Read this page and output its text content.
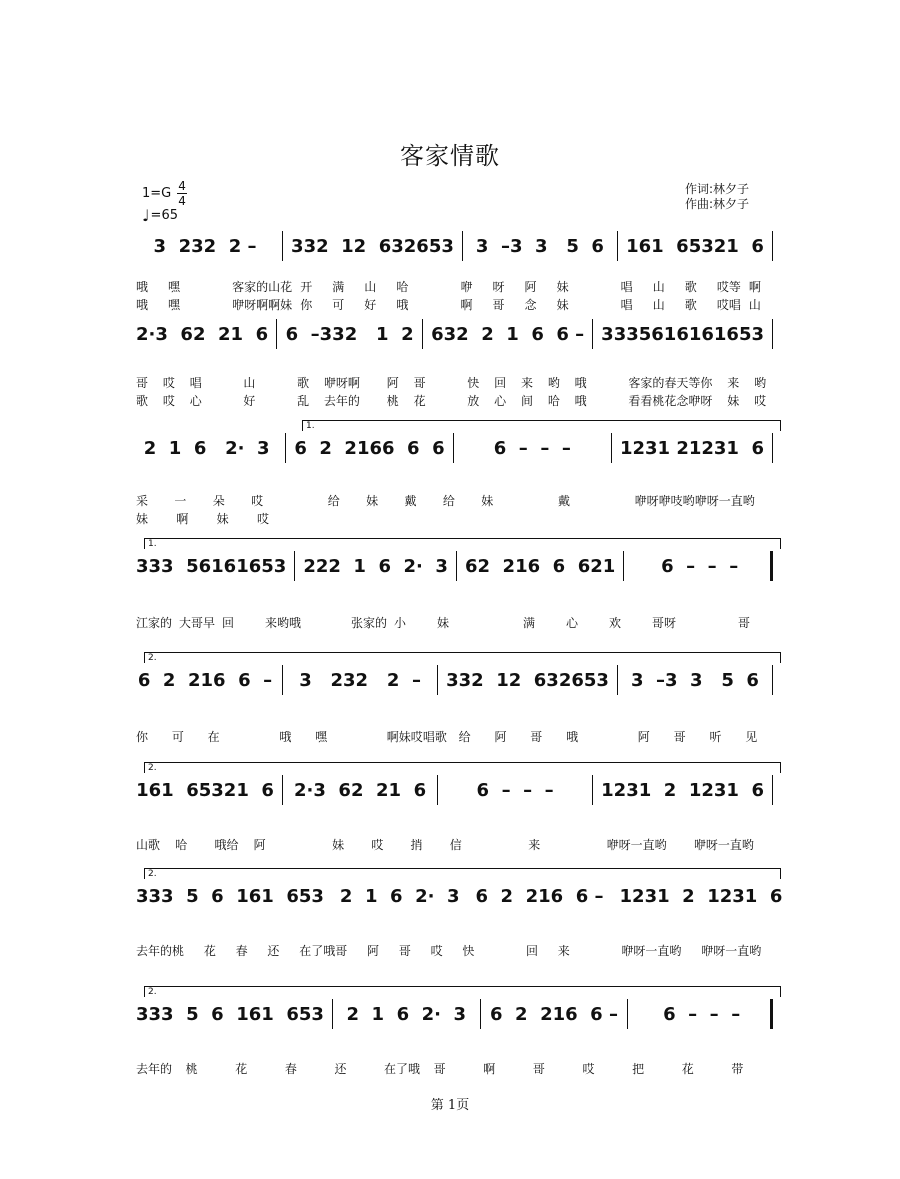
客家情歌
$1=G \frac{4}{4}$
♩ =65
作词:林夕子
作曲:林夕子
3  232  2 –	332  12  632653 3  –3  3   5  6 161  65321  6
哦	嘿	客家的 山花 开	满	山	哈	咿	呀	阿	妹	唱	山	歌	哎等 啊
哦	嘿	咿呀啊 啊妹 你	可	好	哦	啊	哥	念	妹	唱	山	歌	哎唱 山
2·3  62  21  6 6  –332   1  2 632  2  1  6  6 – 3335616161653
哥	哎	唱	山	歌	咿呀啊 阿	哥	快	回	来	哟	哦	客家的春天等 你	来	哟
歌	哎	心	好	乱	去年的 桃	花	放	心	间	哈	哦	看看桃花念咿 呀	妹	哎
1.
2  1  6   2·  3	6  2  2166  6  6	6  –  –  –	1231 21231  6
采	一	朵	哎	给	妹	戴	给	妹	戴	咿呀咿吱哟 咿呀一直 哟
妹	啊	妹	哎
1.
333  56161653 222  1  6  2·  3 62  216  6  621	6  –  –  –
江家的 大哥早 回	来哟哦	张家的 小	妹	满	心	欢	哥呀	哥
2.
6  2  216  6  –	3   232   2  –	332  12  632653 3  –3  3   5  6
你	可	在	哦	嘿	啊妹哎 唱歌 给	阿	哥	哦	阿	哥	听	见
2.
161  65321  6 2·3  62  21  6	6  –  –  –	1231  2  1231  6
山歌	哈	哦给	阿	妹	哎	捎	信	来	咿呀一直 哟	咿呀一直 哟
2.
333  5  6  161  653 2  1  6  2·  3 6  2  216  6 – 1231  2  1231  6
去年的 桃	花	春	还	在了哦 哥	阿	哥	哎	快	回	来	咿呀一直 哟	咿呀一直 哟
2.
333  5  6  161  653	2  1  6  2·  3	6  2  216  6 –	6  –  –  –
去年的	桃	花	春	还	在了哦	哥	啊	哥	哎	把	花	带
第 1页
